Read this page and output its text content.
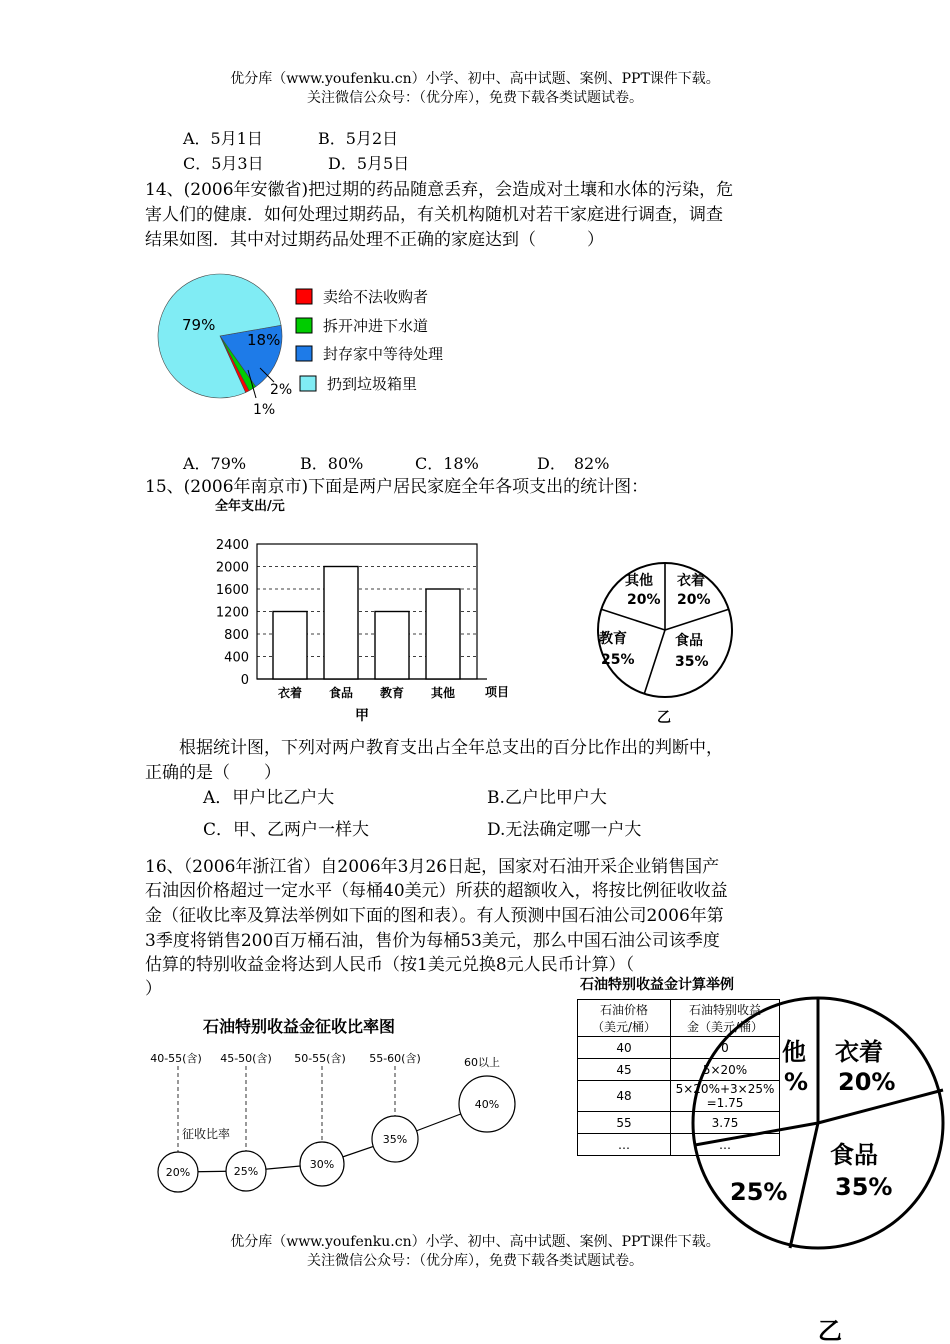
优分库（www.youfenku.cn）小学、初中、高中试题、案例、PPT课件下载。
关注微信公众号：（优分库），免费下载各类试题试卷。
A．5月1日	B．5月2日
C．5月3日	D．5月5日
14、(2006年安徽省)把过期的药品随意丢弃，会造成对土壤和水体的污染，危
害人们的健康．如何处理过期药品，有关机构随机对若干家庭进行调查，调查
结果如图．其中对过期药品处理不正确的家庭达到（　　　）
79%
18%
2%
1%
卖给不法收购者
拆开冲进下水道
封存家中等待处理
扔到垃圾箱里
A．79%	B．80%	C．18%	D．　82%
15、(2006年南京市)下面是两户居民家庭全年各项支出的统计图：
全年支出/元
0
400
800
1200
1600
2000
2400
衣着 食品 教育 其他 项目
甲
其他
20%
衣着
20%
教育
25%
食品
35%
乙
　　根据统计图，下列对两户教育支出占全年总支出的百分比作出的判断中，
正确的是（　　）
A．甲户比乙户大	B.乙户比甲户大
C．甲、乙两户一样大	D.无法确定哪一户大
16、（2006年浙江省）自2006年3月26日起，国家对石油开采企业销售国产
石油因价格超过一定水平（每桶40美元）所获的超额收入，将按比例征收收益
金（征收比率及算法举例如下面的图和表）。有人预测中国石油公司2006年第
3季度将销售200百万桶石油，售价为每桶53美元，那么中国石油公司该季度
估算的特别收益金将达到人民币（按1美元兑换8元人民币计算）（
）	石油特别收益金计算举例
他
%
衣着
20%
食品
35%
25%
乙
石油价格
（美元/桶）	石油特别收益
金（美元/桶）
40	0
45	5×20%
48	5×20%+3×25%
=1.75
55	3.75
…	…
石油特别收益金征收比率图
20%
40-55(含)
25%
45-50(含)
30%
50-55(含)
35%
55-60(含)
40%
60以上
征收比率
优分库（www.youfenku.cn）小学、初中、高中试题、案例、PPT课件下载。
关注微信公众号：（优分库），免费下载各类试题试卷。
